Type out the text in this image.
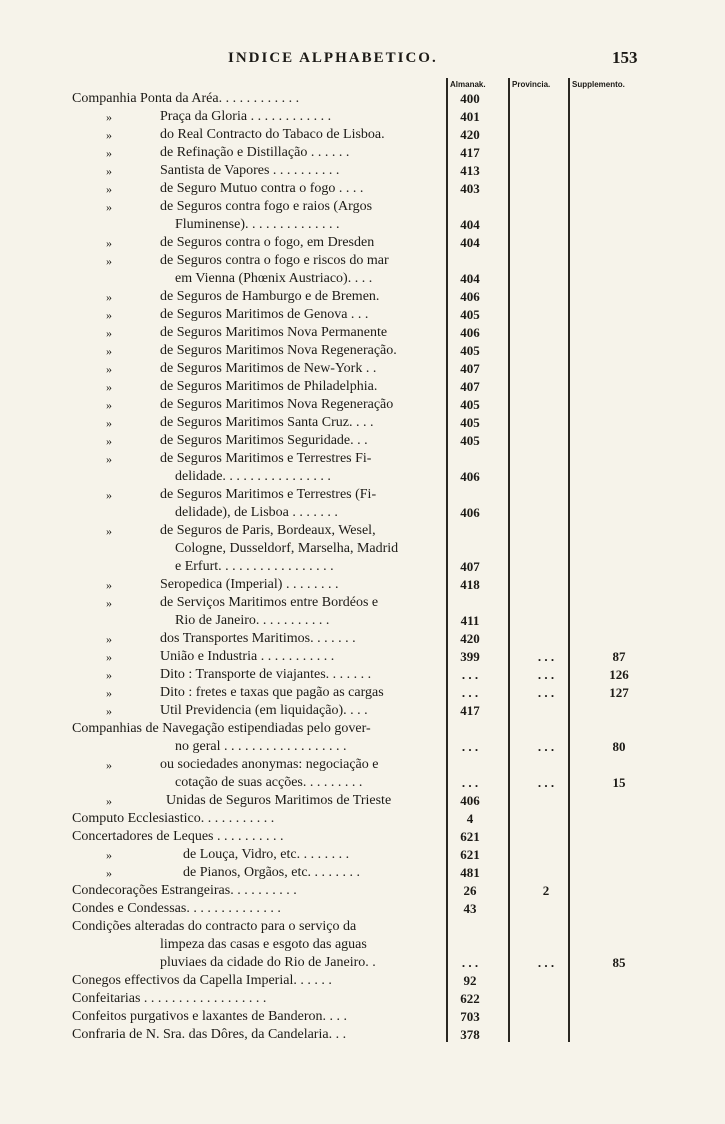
INDICE ALPHABETICO.	153
Almanak.	Provincia.	Supplemento.
Companhia Ponta da Aréa. . . . . . . . . . . .	400
»	Praça da Gloria . . . . . . . . . . . .	401
»	do Real Contracto do Tabaco de Lisboa.	420
»	de Refinação e Distillação . . . . . .	417
»	Santista de Vapores . . . . . . . . . .	413
»	de Seguro Mutuo contra o fogo . . . .	403
»	de Seguros contra fogo e raios (Argos
Fluminense). . . . . . . . . . . . . .	404
»	de Seguros contra o fogo, em Dresden	404
»	de Seguros contra o fogo e riscos do mar
em Vienna (Phœnix Austriaco). . . .	404
»	de Seguros de Hamburgo e de Bremen.	406
»	de Seguros Maritimos de Genova . . .	405
»	de Seguros Maritimos Nova Permanente	406
»	de Seguros Maritimos Nova Regeneração.	405
»	de Seguros Maritimos de New-York . .	407
»	de Seguros Maritimos de Philadelphia.	407
»	de Seguros Maritimos Nova Regeneração	405
»	de Seguros Maritimos Santa Cruz. . . .	405
»	de Seguros Maritimos Seguridade. . .	405
»	de Seguros Maritimos e Terrestres Fi-
delidade. . . . . . . . . . . . . . . .	406
»	de Seguros Maritimos e Terrestres (Fi-
delidade), de Lisboa . . . . . . .	406
»	de Seguros de Paris, Bordeaux, Wesel,
Cologne, Dusseldorf, Marselha, Madrid
e Erfurt. . . . . . . . . . . . . . . . .	407
»	Seropedica (Imperial) . . . . . . . .	418
»	de Serviços Maritimos entre Bordéos e
Rio de Janeiro. . . . . . . . . . .	411
»	dos Transportes Maritimos. . . . . . .	420
»	União e Industria . . . . . . . . . . .	399	. . .	87
»	Dito : Transporte de viajantes. . . . . . .	. . .	. . .	126
»	Dito : fretes e taxas que pagão as cargas	. . .	. . .	127
»	Util Previdencia (em liquidação). . . .	417
Companhias de Navegação estipendiadas pelo gover-
no geral . . . . . . . . . . . . . . . . . .	. . .	. . .	80
»	ou sociedades anonymas: negociação e
cotação de suas acções. . . . . . . . .	. . .	. . .	15
»	Unidas de Seguros Maritimos de Trieste	406
Computo Ecclesiastico. . . . . . . . . . .	4
Concertadores de Leques . . . . . . . . . .	621
»	de Louça, Vidro, etc. . . . . . . .	621
»	de Pianos, Orgãos, etc. . . . . . . .	481
Condecorações Estrangeiras. . . . . . . . . .	26	2
Condes e Condessas. . . . . . . . . . . . . .	43
Condições alteradas do contracto para o serviço da
limpeza das casas e esgoto das aguas
pluviaes da cidade do Rio de Janeiro. .	. . .	. . .	85
Conegos effectivos da Capella Imperial. . . . . .	92
Confeitarias . . . . . . . . . . . . . . . . . .	622
Confeitos purgativos e laxantes de Banderon. . . .	703
Confraria de N. Sra. das Dôres, da Candelaria. . .	378
